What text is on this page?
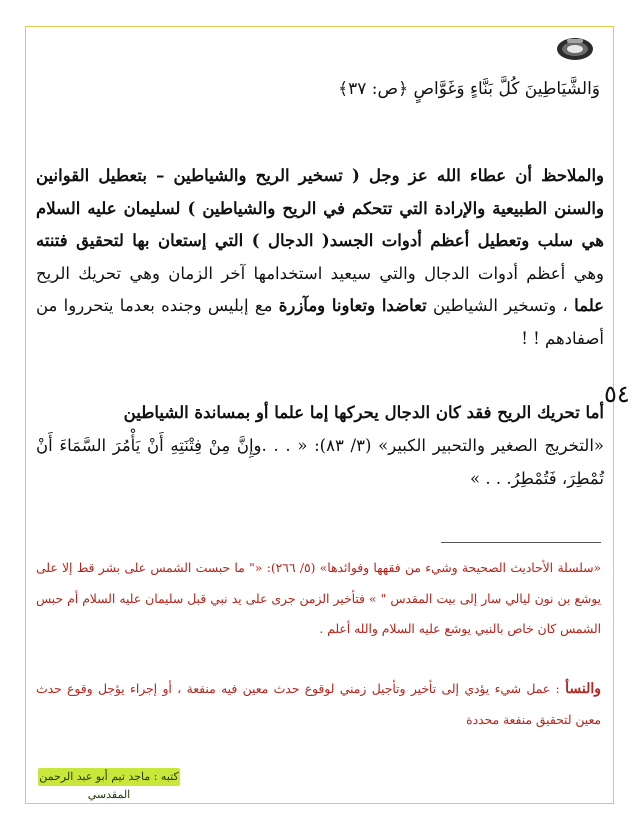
وَالشَّيَاطِينَ كُلَّ بَنَّاءٍ وَغَوَّاصٍ ﴿ص: ٣٧﴾
والملاحظ أن عطاء الله عز وجل ( تسخير الريح والشياطين – بتعطيل القوانين والسنن الطبيعية والإرادة التي تتحكم في الريح والشياطين ) لسليمان عليه السلام هي سلب وتعطيل أعظم أدوات الجسد( الدجال ) التي إستعان بها لتحقيق فتنته وهي أعظم أدوات الدجال والتي سيعيد استخدامها آخر الزمان وهي تحريك الريح علما ، وتسخير الشياطين تعاضدا وتعاونا ومآزرة مع إبليس وجنده بعدما يتحرروا من أصفادهم ! !
٥٤
أما تحريك الريح فقد كان الدجال يحركها إما علما أو بمساندة الشياطين
«التخريج الصغير والتحبير الكبير» (٣/ ٨٣): « . . .وإِنَّ مِنْ فِتْنَتِهِ أَنْ يَأْمُرَ السَّمَاءَ أَنْ تُمْطِرَ، فَتُمْطِرُ. . . »
«سلسلة الأحاديث الصحيحة وشيء من فقهها وفوائدها» (٥/ ٢٦٦): «" ما حبست الشمس على بشر قط إلا على يوشع بن نون ليالي سار إلى بيت المقدس " » فتأخير الزمن جرى على يد نبي قبل سليمان عليه السلام أم حبس الشمس كان خاص بالنبي يوشع عليه السلام والله أعلم .
والنسأ : عمل شيء يؤدي إلى تأخير وتأجيل زمني لوقوع حدث معين فيه منفعة ، أو إجراء يؤجل وقوع حدث معين لتحقيق منفعة محددة
كتبه : ماجد تيم أبو عبد الرحمن المقدسي
